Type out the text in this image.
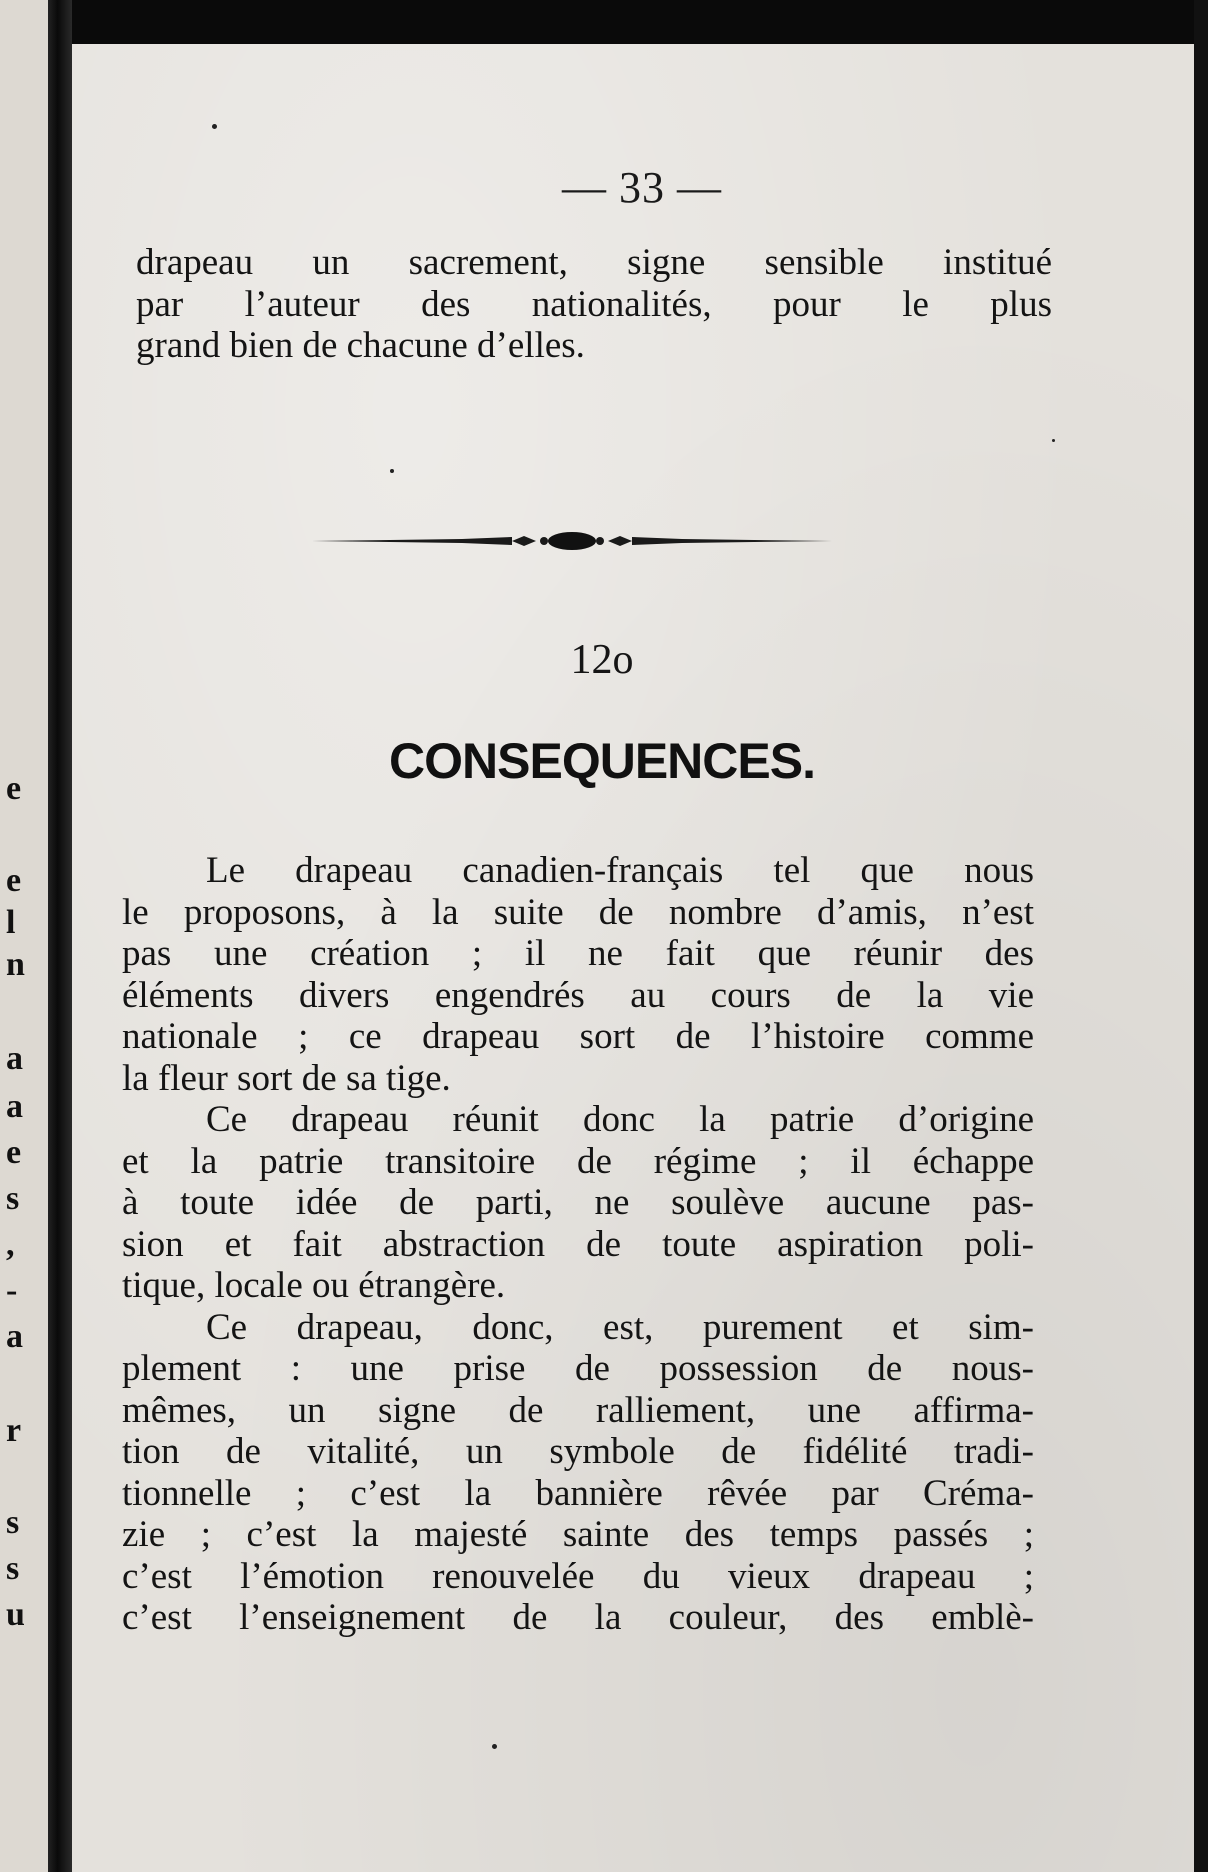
e
e
l
n
a
a
e
s
,
-
a
r
s
s
u
— 33 —
drapeau un sacrement, signe sensible institué
par l’auteur des nationalités, pour le plus
grand bien de chacune d’elles.
12o
CONSEQUENCES.
Le drapeau canadien-français tel que nous
le proposons, à la suite de nombre d’amis, n’est
pas une création ; il ne fait que réunir des
éléments divers engendrés au cours de la vie
nationale ; ce drapeau sort de l’histoire comme
la fleur sort de sa tige.
Ce drapeau réunit donc la patrie d’origine
et la patrie transitoire de régime ; il échappe
à toute idée de parti, ne soulève aucune pas-
sion et fait abstraction de toute aspiration poli-
tique, locale ou étrangère.
Ce drapeau, donc, est, purement et sim-
plement : une prise de possession de nous-
mêmes, un signe de ralliement, une affirma-
tion de vitalité, un symbole de fidélité tradi-
tionnelle ; c’est la bannière rêvée par Créma-
zie ; c’est la majesté sainte des temps passés ;
c’est l’émotion renouvelée du vieux drapeau ;
c’est l’enseignement de la couleur, des emblè-
